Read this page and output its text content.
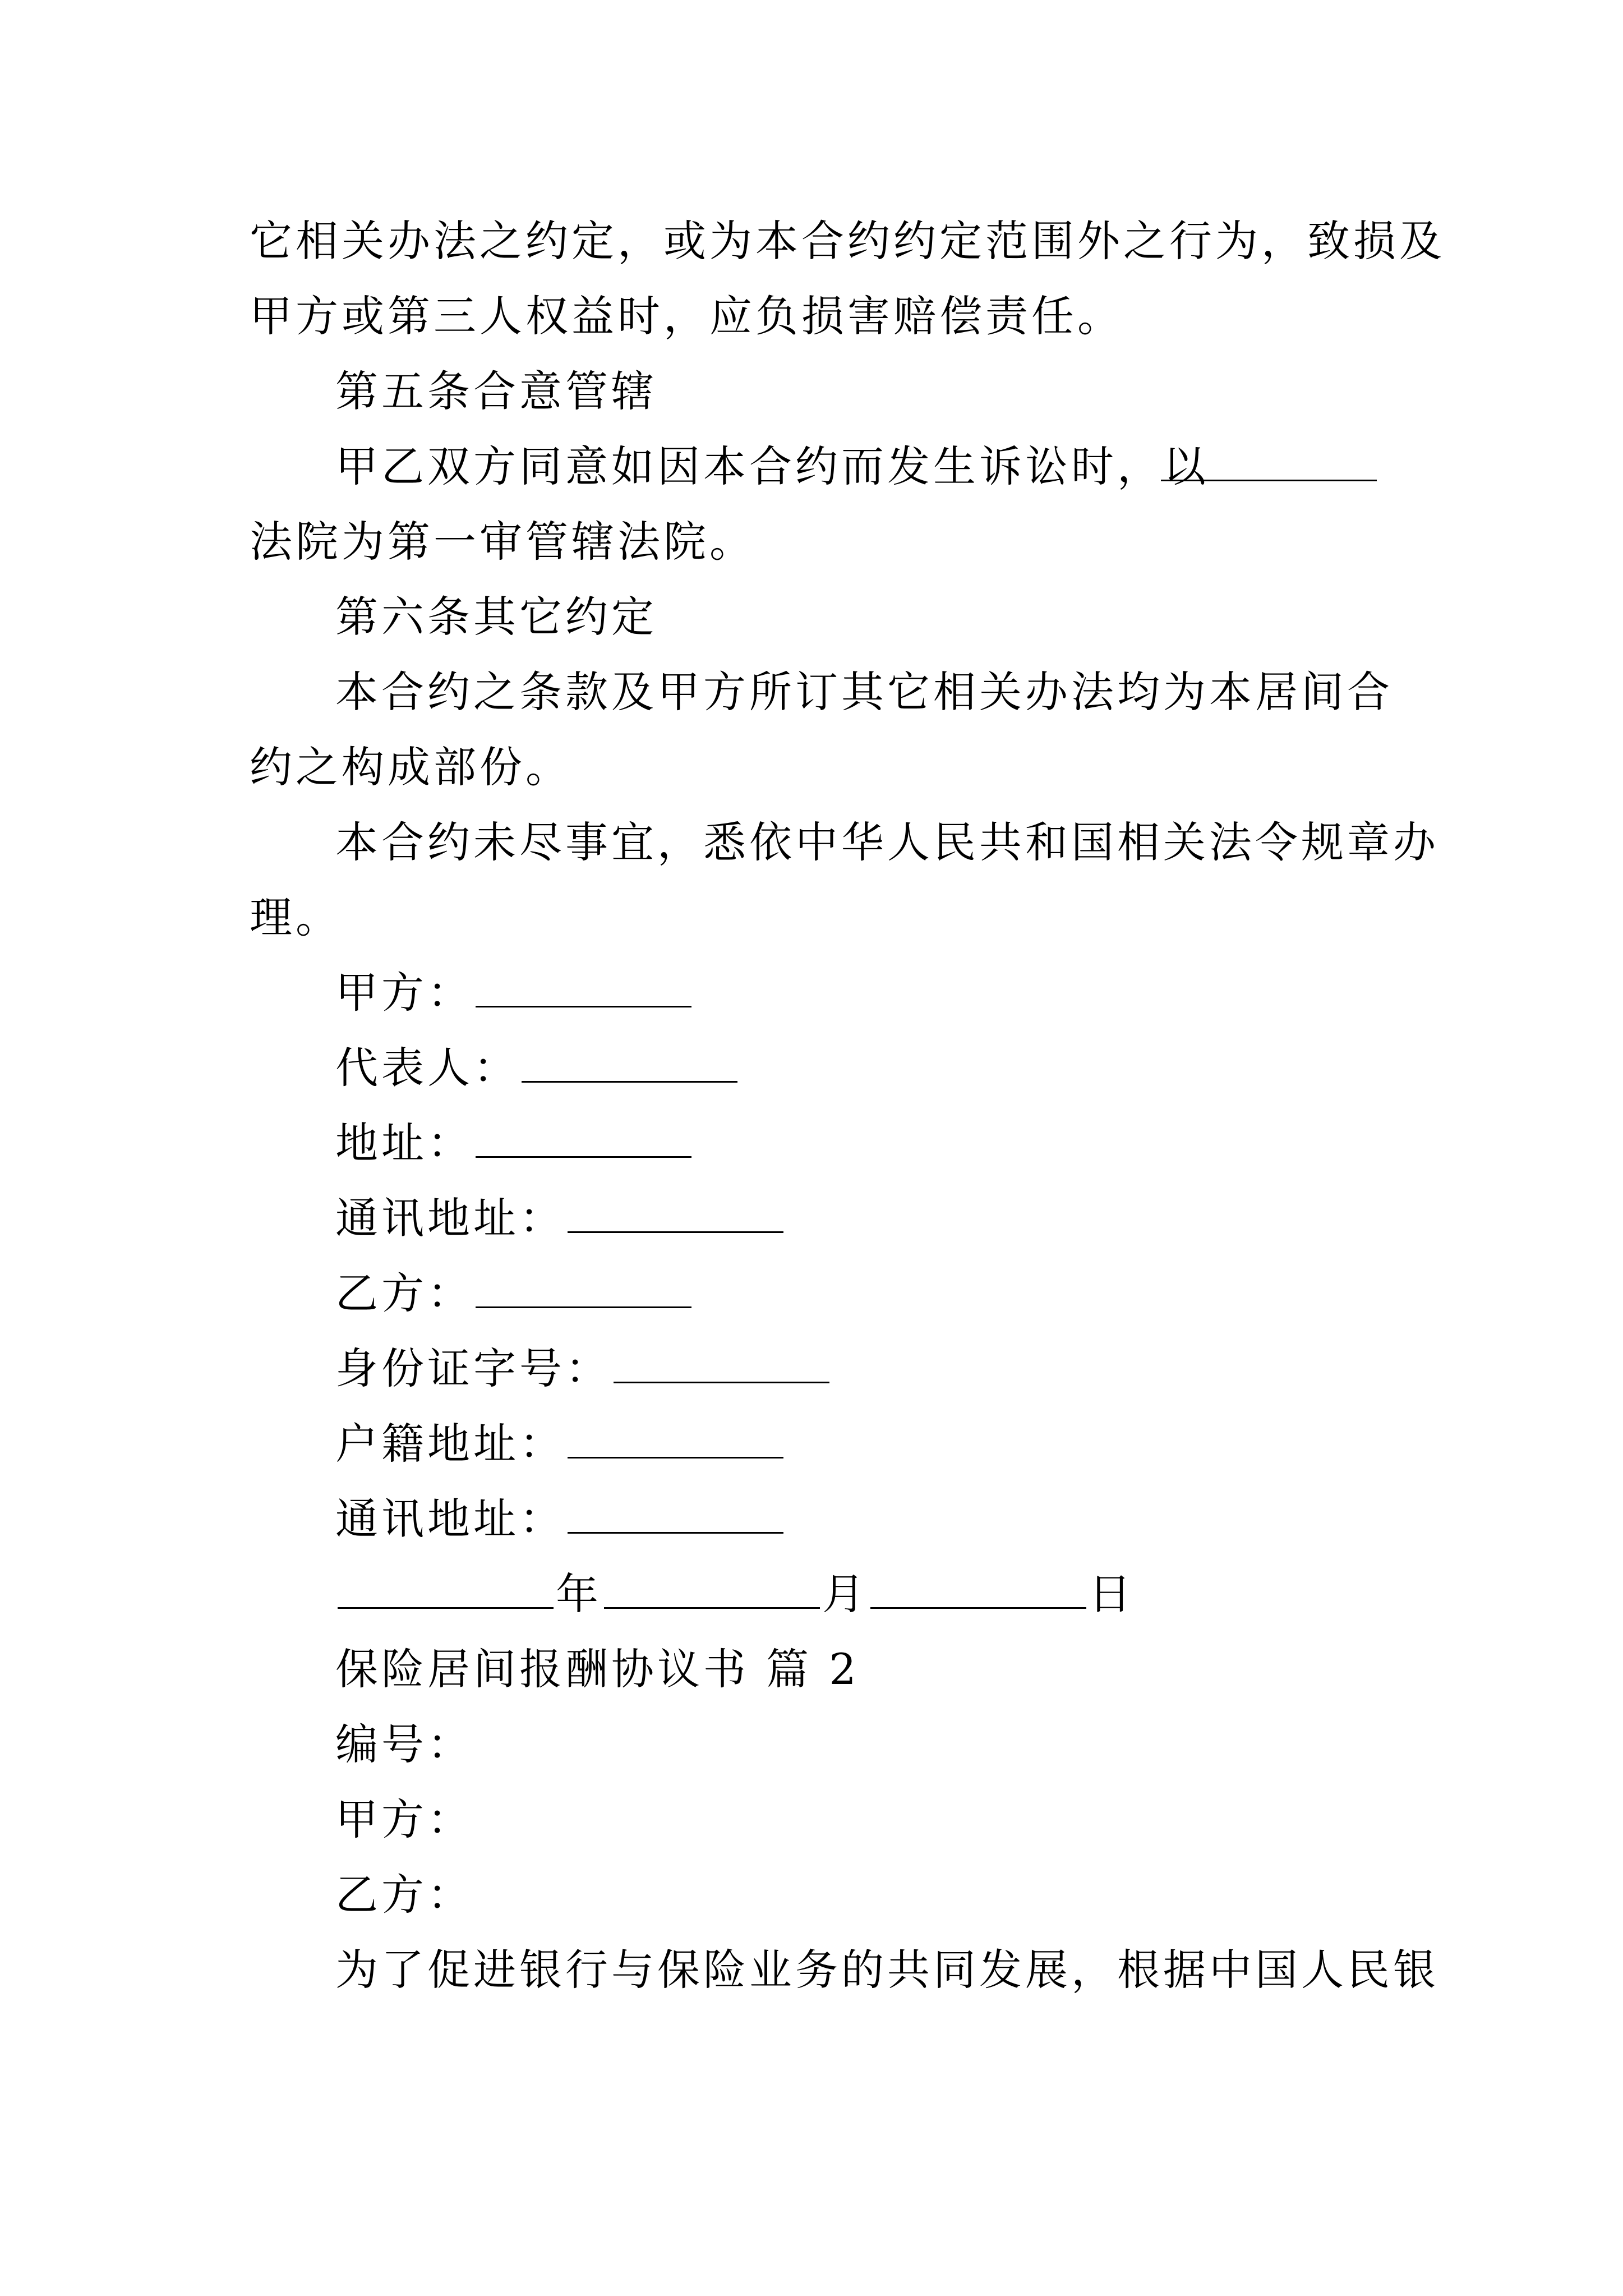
它相关办法之约定，或为本合约约定范围外之行为，致损及
甲方或第三人权益时，应负损害赔偿责任。
第五条合意管辖
甲乙双方同意如因本合约而发生诉讼时，以
法院为第一审管辖法院。
第六条其它约定
本合约之条款及甲方所订其它相关办法均为本居间合
约之构成部份。
本合约未尽事宜，悉依中华人民共和国相关法令规章办
理。
甲方：
代表人：
地址：
通讯地址：
乙方：
身份证字号：
户籍地址：
通讯地址：
年	月	日
保险居间报酬协议书 篇 2
编号：
甲方：
乙方：
为了促进银行与保险业务的共同发展，根据中国人民银
